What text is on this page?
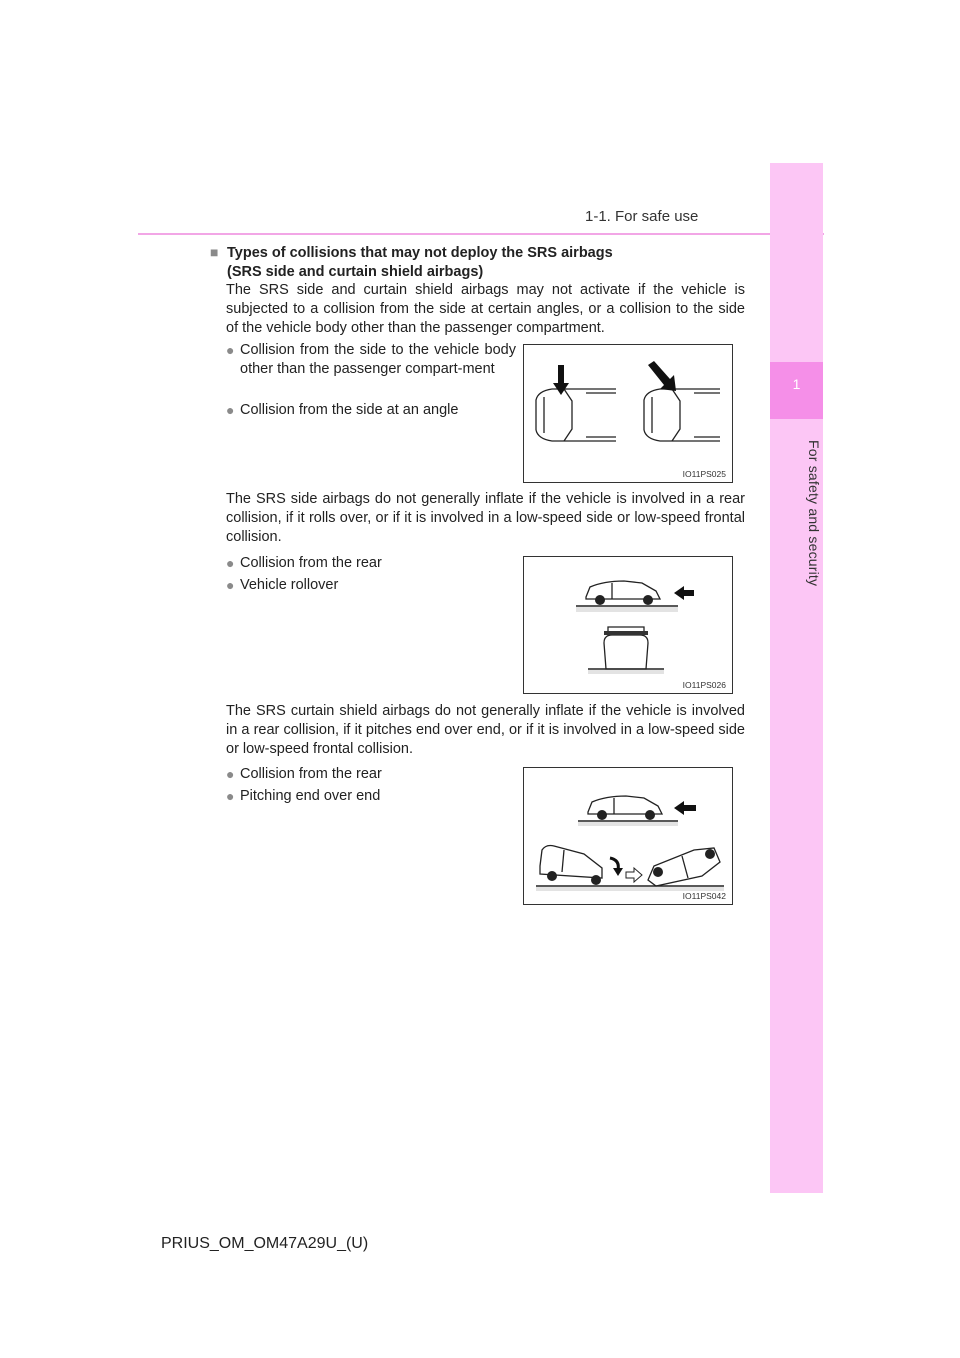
1-1. For safe use
1
For safety and security
■ Types of collisions that may not deploy the SRS airbags
(SRS side and curtain shield airbags)
The SRS side and curtain shield airbags may not activate if the vehicle is subjected to a collision from the side at certain angles, or a collision to the side of the vehicle body other than the passenger compartment.
● Collision from the side to the vehicle body other than the passenger compart-ment
● Collision from the side at an angle
IO11PS025
The SRS side airbags do not generally inflate if the vehicle is involved in a rear collision, if it rolls over, or if it is involved in a low-speed side or low-speed frontal collision.
● Collision from the rear
● Vehicle rollover
IO11PS026
The SRS curtain shield airbags do not generally inflate if the vehicle is involved in a rear collision, if it pitches end over end, or if it is involved in a low-speed side or low-speed frontal collision.
● Collision from the rear
● Pitching end over end
IO11PS042
PRIUS_OM_OM47A29U_(U)
